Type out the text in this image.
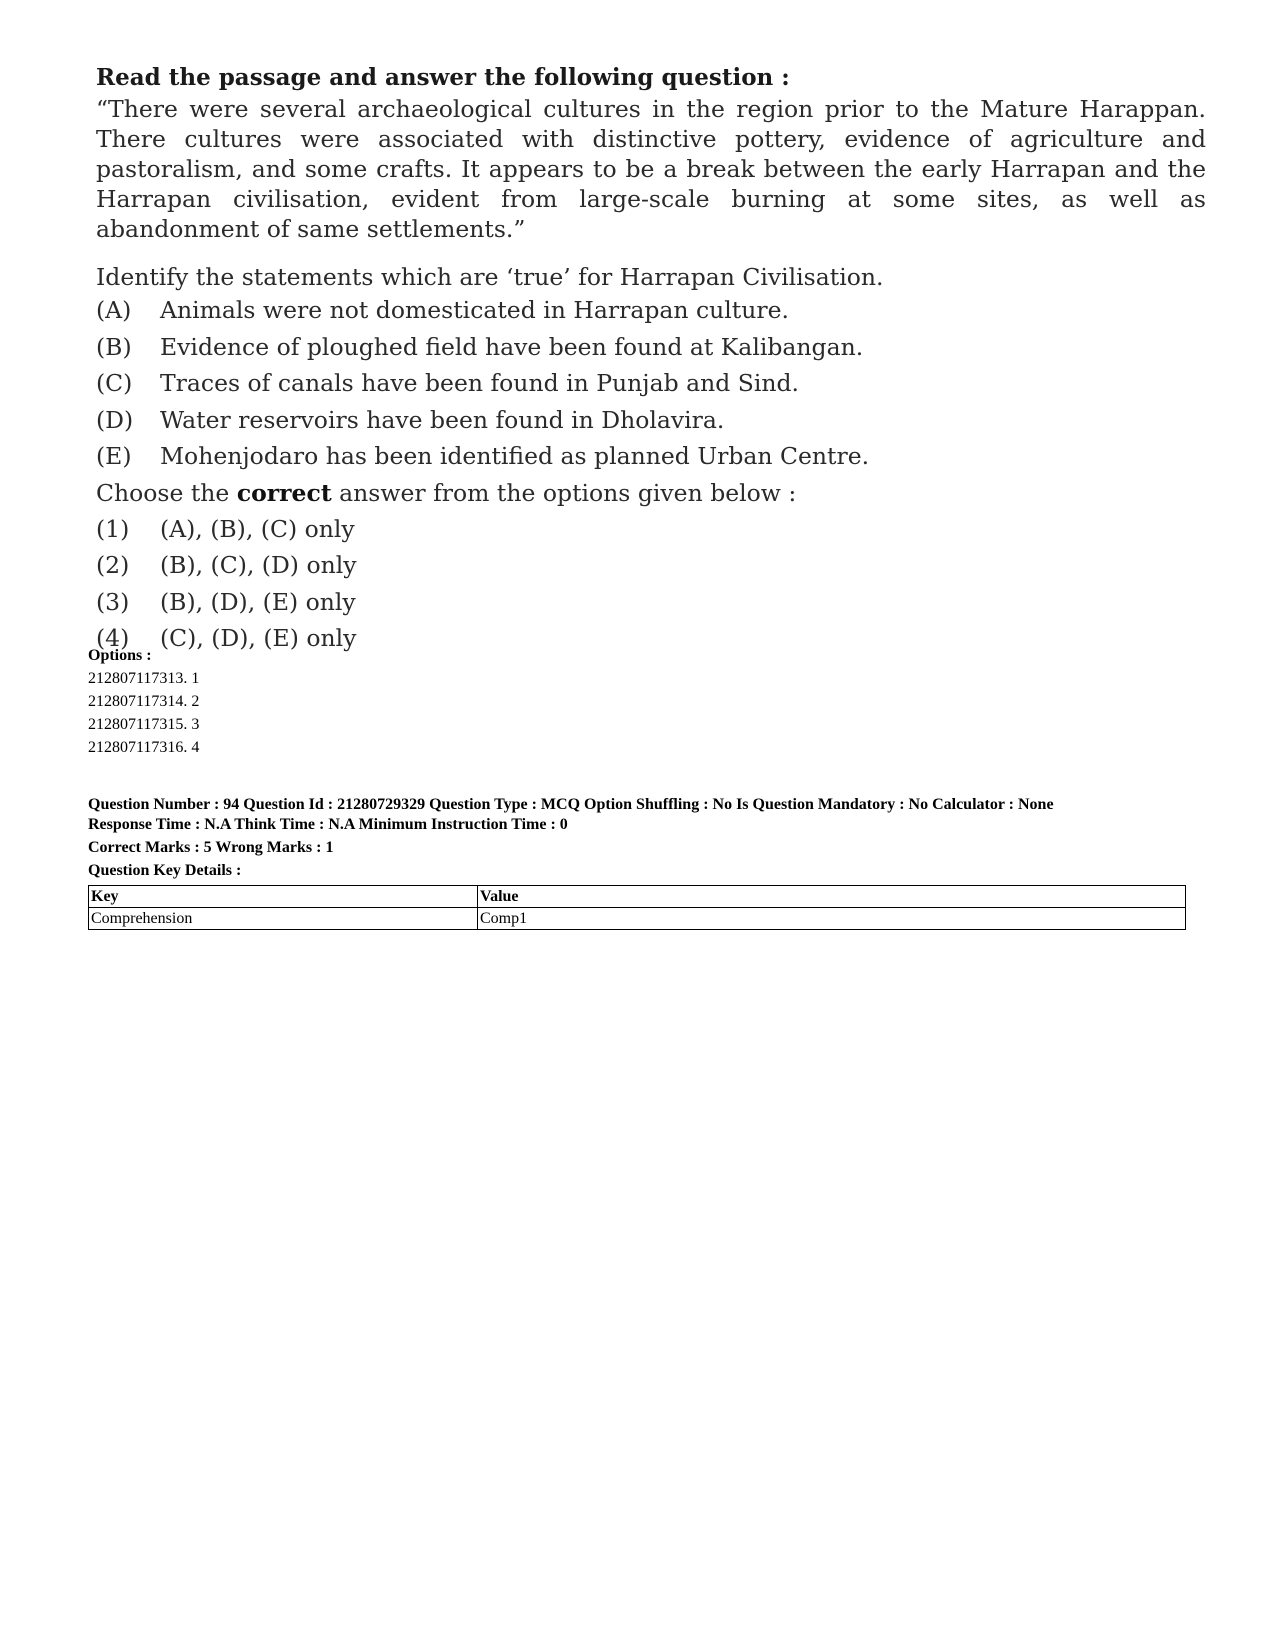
Read the passage and answer the following question :

“There were several archaeological cultures in the region prior to the Mature Harappan. There cultures were associated with distinctive pottery, evidence of agriculture and pastoralism, and some crafts. It appears to be a break between the early Harrapan and the Harrapan civilisation, evident from large-scale burning at some sites, as well as abandonment of same settlements.”

Identify the statements which are ‘true’ for Harrapan Civilisation.

(A)	Animals were not domesticated in Harrapan culture.
(B)	Evidence of ploughed field have been found at Kalibangan.
(C)	Traces of canals have been found in Punjab and Sind.
(D)	Water reservoirs have been found in Dholavira.
(E)	Mohenjodaro has been identified as planned Urban Centre.
Choose the correct answer from the options given below :
(1)	(A), (B), (C) only
(2)	(B), (C), (D) only
(3)	(B), (D), (E) only
(4)	(C), (D), (E) only
Options :
212807117313. 1
212807117314. 2
212807117315. 3
212807117316. 4
Question Number : 94 Question Id : 21280729329 Question Type : MCQ Option Shuffling : No Is Question Mandatory : No Calculator : None
Response Time : N.A Think Time : N.A Minimum Instruction Time : 0
Correct Marks : 5 Wrong Marks : 1
Question Key Details :
Key	Value
Comprehension	Comp1
